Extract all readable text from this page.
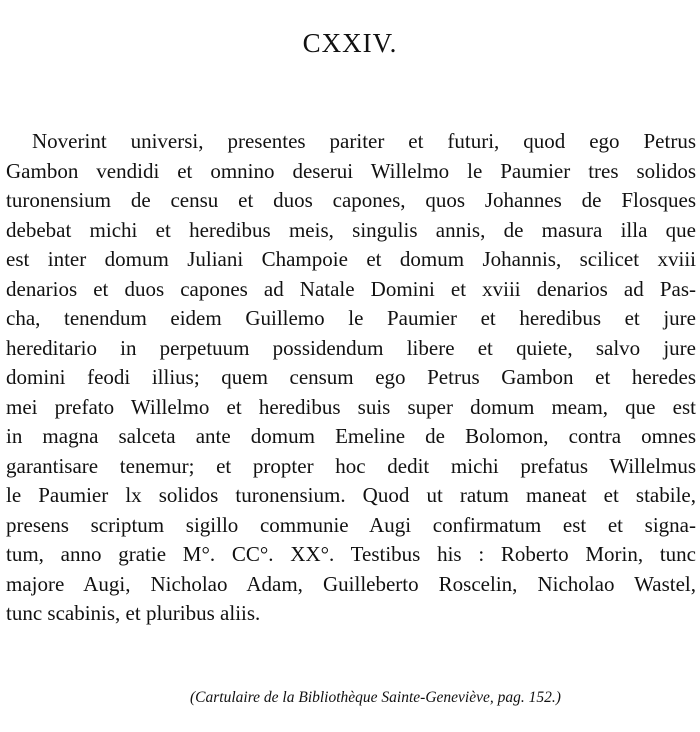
CXXIV.
Noverint universi, presentes pariter et futuri, quod ego Petrus
Gambon vendidi et omnino deserui Willelmo le Paumier tres solidos
turonensium de censu et duos capones, quos Johannes de Flosques
debebat michi et heredibus meis, singulis annis, de masura illa que
est inter domum Juliani Champoie et domum Johannis, scilicet xviii
denarios et duos capones ad Natale Domini et xviii denarios ad Pas-
cha, tenendum eidem Guillemo le Paumier et heredibus et jure
hereditario in perpetuum possidendum libere et quiete, salvo jure
domini feodi illius; quem censum ego Petrus Gambon et heredes
mei prefato Willelmo et heredibus suis super domum meam, que est
in magna salceta ante domum Emeline de Bolomon, contra omnes
garantisare tenemur; et propter hoc dedit michi prefatus Willelmus
le Paumier lx solidos turonensium. Quod ut ratum maneat et stabile,
presens scriptum sigillo communie Augi confirmatum est et signa-
tum, anno gratie M°. CC°. XX°. Testibus his : Roberto Morin, tunc
majore Augi, Nicholao Adam, Guilleberto Roscelin, Nicholao Wastel,
tunc scabinis, et pluribus aliis.
(Cartulaire de la Bibliothèque Sainte-Geneviève, pag. 152.)
